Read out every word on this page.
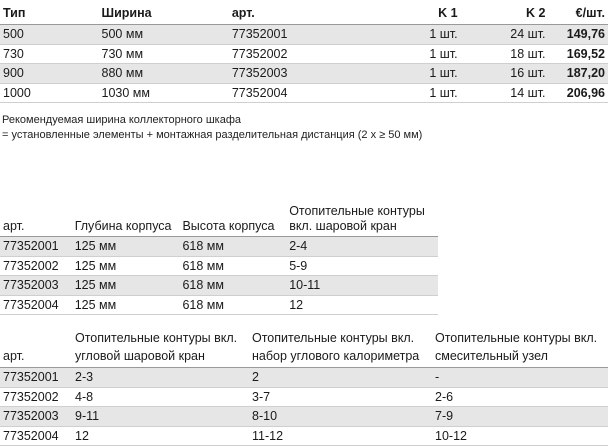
Тип	Ширина	арт.	K 1	K 2	€/шт.
500	500 мм	77352001	1 шт.	24 шт.	149,76
730	730 мм	77352002	1 шт.	18 шт.	169,52
900	880 мм	77352003	1 шт.	16 шт.	187,20
1000	1030 мм	77352004	1 шт.	14 шт.	206,96
Рекомендуемая ширина коллекторного шкафа
= установленные элементы + монтажная разделительная дистанция (2 x ≥ 50 мм)
арт.	Глубина корпуса	Высота корпуса	Отопительные контуры вкл. шаровой кран
77352001	125 мм	618 мм	2-4
77352002	125 мм	618 мм	5-9
77352003	125 мм	618 мм	10-11
77352004	125 мм	618 мм	12
арт.	Отопительные контуры вкл. угловой шаровой кран	Отопительные контуры вкл. набор углового калориметра	Отопительные контуры вкл. смесительный узел
77352001	2-3	2	-
77352002	4-8	3-7	2-6
77352003	9-11	8-10	7-9
77352004	12	11-12	10-12
